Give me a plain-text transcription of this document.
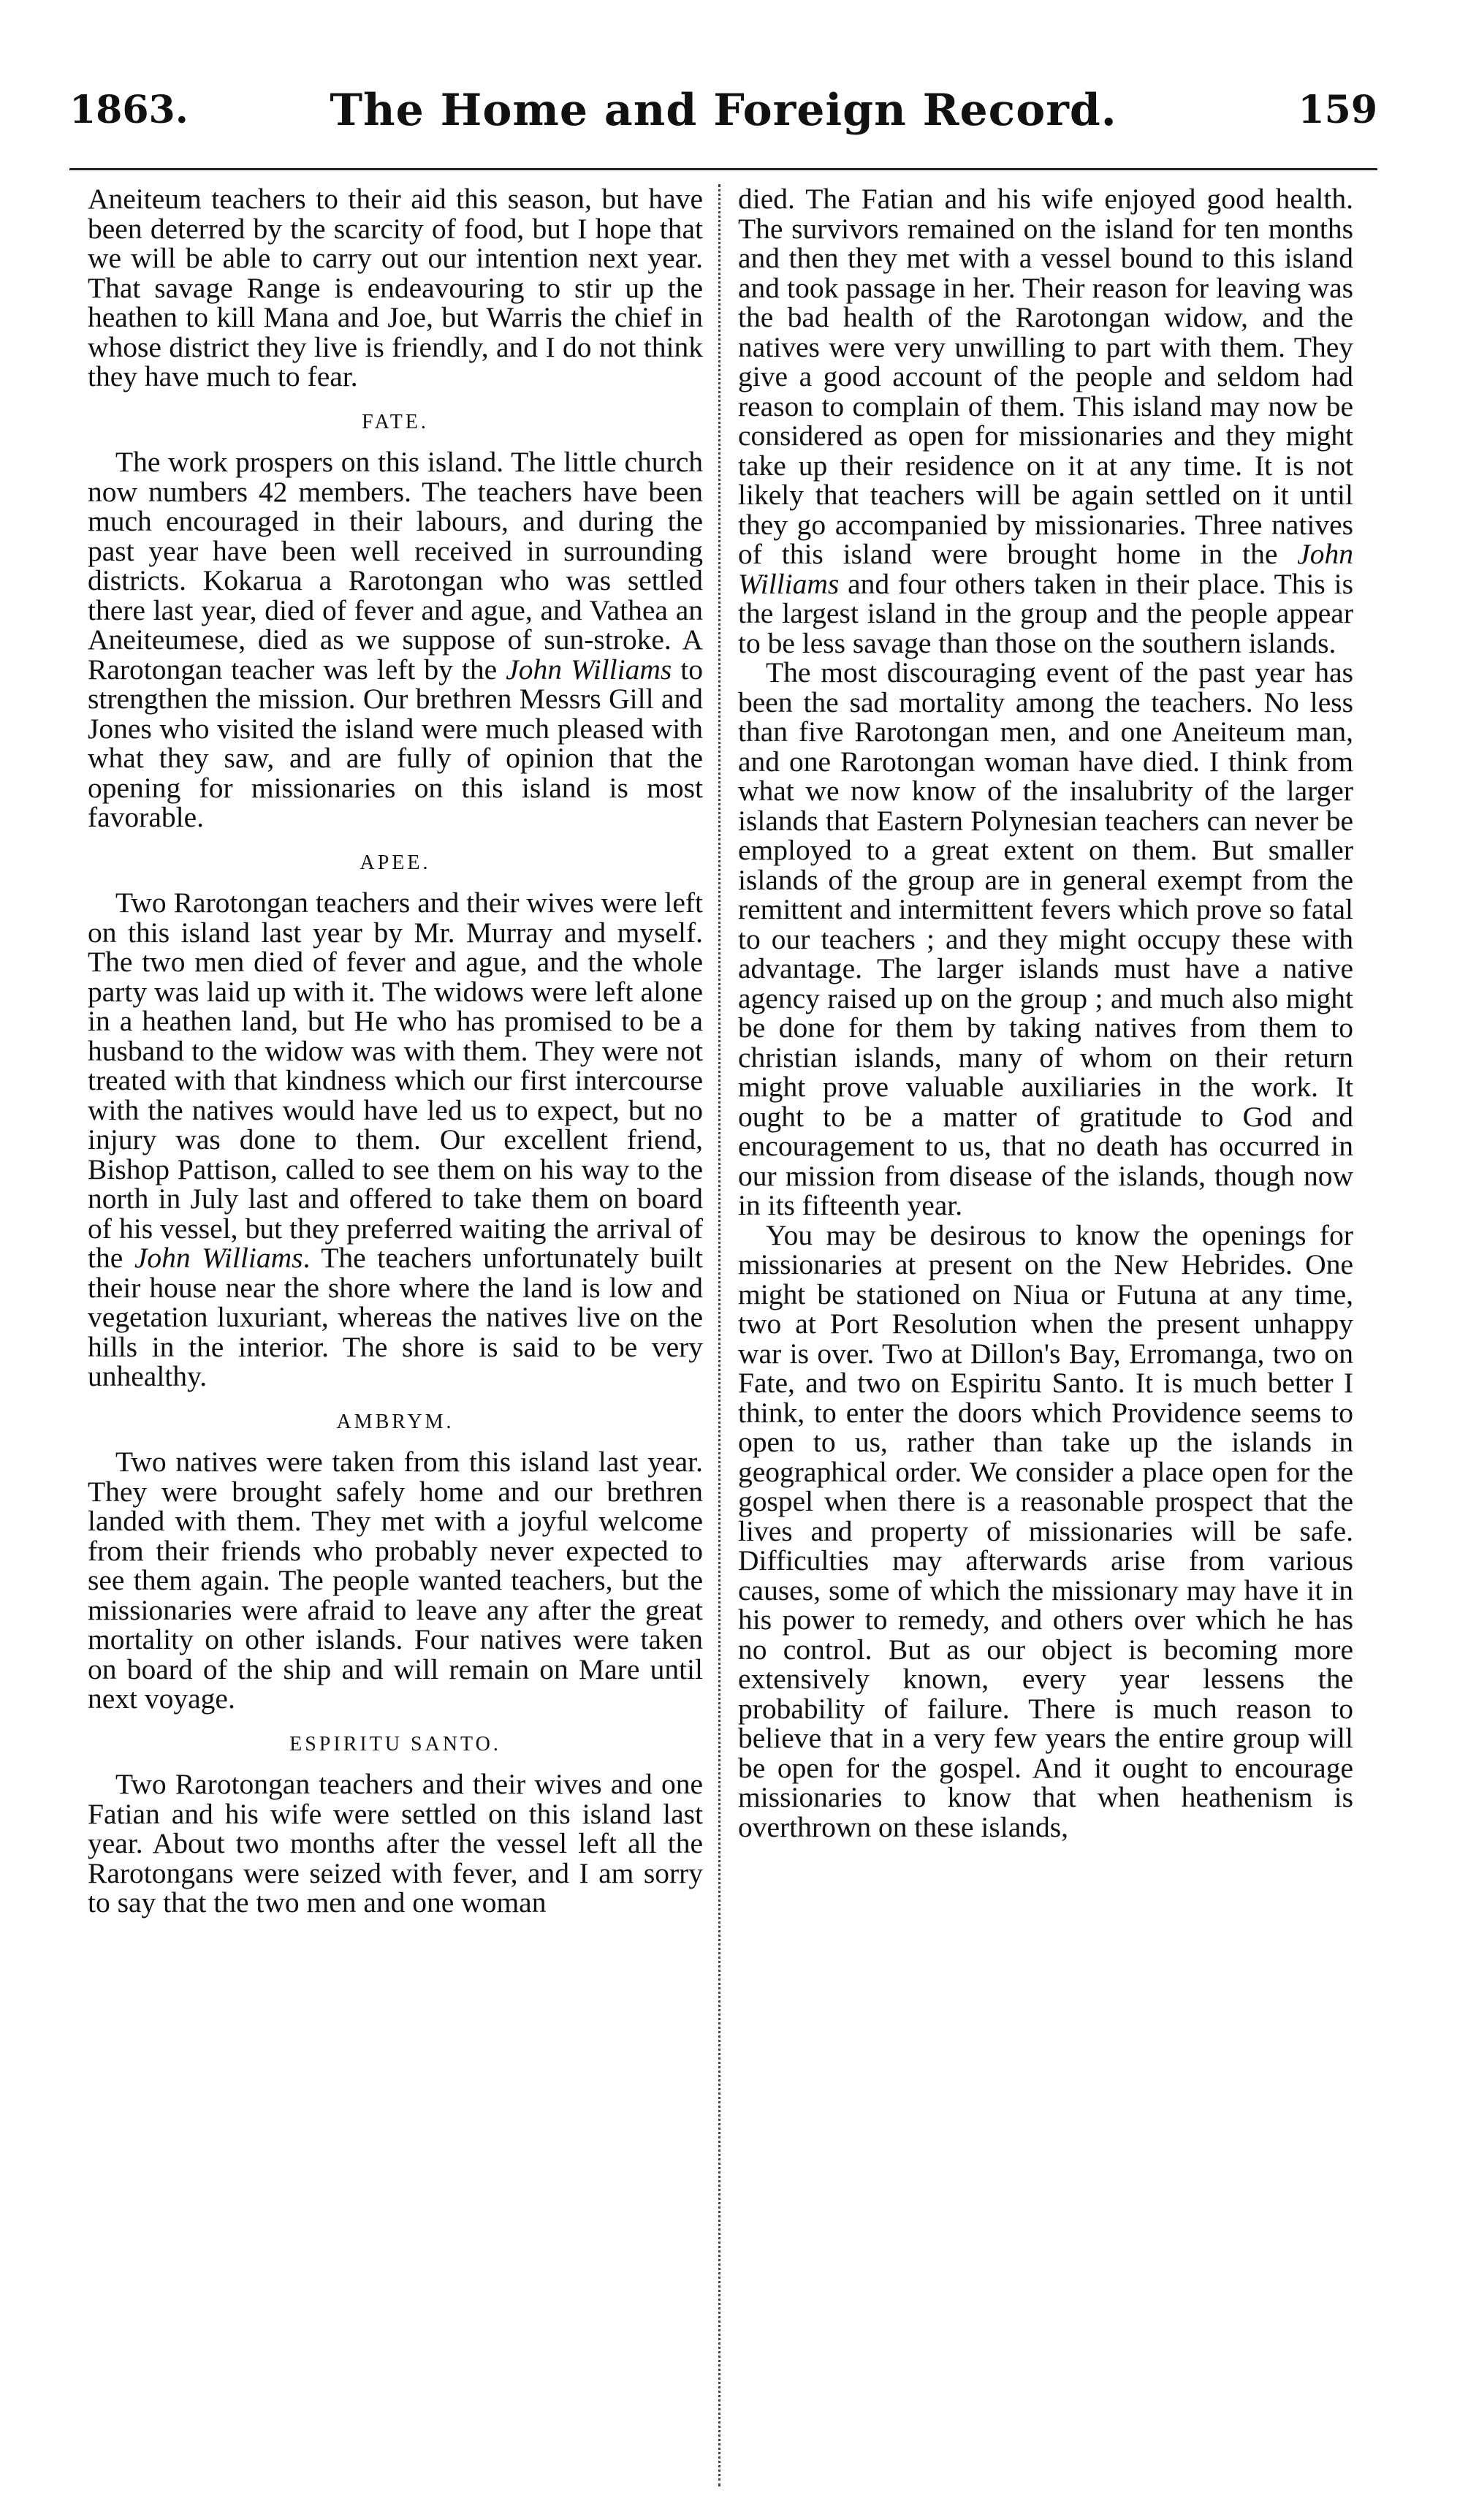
1863.	The Home and Foreign Record.	159

Aneiteum teachers to their aid this season, but have been deterred by the scarcity of food, but I hope that we will be able to carry out our intention next year. That savage Range is endeavouring to stir up the heathen to kill Mana and Joe, but Warris the chief in whose district they live is friendly, and I do not think they have much to fear.

FATE.

The work prospers on this island. The little church now numbers 42 members. The teachers have been much encouraged in their labours, and during the past year have been well received in surrounding districts. Kokarua a Rarotongan who was settled there last year, died of fever and ague, and Vathea an Aneiteumese, died as we suppose of sun-stroke. A Rarotongan teacher was left by the John Williams to strengthen the mission. Our brethren Messrs Gill and Jones who visited the island were much pleased with what they saw, and are fully of opinion that the opening for missionaries on this island is most favorable.

APEE.

Two Rarotongan teachers and their wives were left on this island last year by Mr. Murray and myself. The two men died of fever and ague, and the whole party was laid up with it. The widows were left alone in a heathen land, but He who has promised to be a husband to the widow was with them. They were not treated with that kindness which our first intercourse with the natives would have led us to expect, but no injury was done to them. Our excellent friend, Bishop Pattison, called to see them on his way to the north in July last and offered to take them on board of his vessel, but they preferred waiting the arrival of the John Williams. The teachers unfortunately built their house near the shore where the land is low and vegetation luxuriant, whereas the natives live on the hills in the interior. The shore is said to be very unhealthy.

AMBRYM.

Two natives were taken from this island last year. They were brought safely home and our brethren landed with them. They met with a joyful welcome from their friends who probably never expected to see them again. The people wanted teachers, but the missionaries were afraid to leave any after the great mortality on other islands. Four natives were taken on board of the ship and will remain on Mare until next voyage.

ESPIRITU SANTO.

Two Rarotongan teachers and their wives and one Fatian and his wife were settled on this island last year. About two months after the vessel left all the Rarotongans were seized with fever, and I am sorry to say that the two men and one woman

died. The Fatian and his wife enjoyed good health. The survivors remained on the island for ten months and then they met with a vessel bound to this island and took passage in her. Their reason for leaving was the bad health of the Rarotongan widow, and the natives were very unwilling to part with them. They give a good account of the people and seldom had reason to complain of them. This island may now be considered as open for missionaries and they might take up their residence on it at any time. It is not likely that teachers will be again settled on it until they go accompanied by missionaries. Three natives of this island were brought home in the John Williams and four others taken in their place. This is the largest island in the group and the people appear to be less savage than those on the southern islands.

The most discouraging event of the past year has been the sad mortality among the teachers. No less than five Rarotongan men, and one Aneiteum man, and one Rarotongan woman have died. I think from what we now know of the insalubrity of the larger islands that Eastern Polynesian teachers can never be employed to a great extent on them. But smaller islands of the group are in general exempt from the remittent and intermittent fevers which prove so fatal to our teachers ; and they might occupy these with advantage. The larger islands must have a native agency raised up on the group ; and much also might be done for them by taking natives from them to christian islands, many of whom on their return might prove valuable auxiliaries in the work. It ought to be a matter of gratitude to God and encouragement to us, that no death has occurred in our mission from disease of the islands, though now in its fifteenth year.

You may be desirous to know the openings for missionaries at present on the New Hebrides. One might be stationed on Niua or Futuna at any time, two at Port Resolution when the present unhappy war is over. Two at Dillon's Bay, Erromanga, two on Fate, and two on Espiritu Santo. It is much better I think, to enter the doors which Providence seems to open to us, rather than take up the islands in geographical order. We consider a place open for the gospel when there is a reasonable prospect that the lives and property of missionaries will be safe. Difficulties may afterwards arise from various causes, some of which the missionary may have it in his power to remedy, and others over which he has no control. But as our object is becoming more extensively known, every year lessens the probability of failure. There is much reason to believe that in a very few years the entire group will be open for the gospel. And it ought to encourage missionaries to know that when heathenism is overthrown on these islands,
